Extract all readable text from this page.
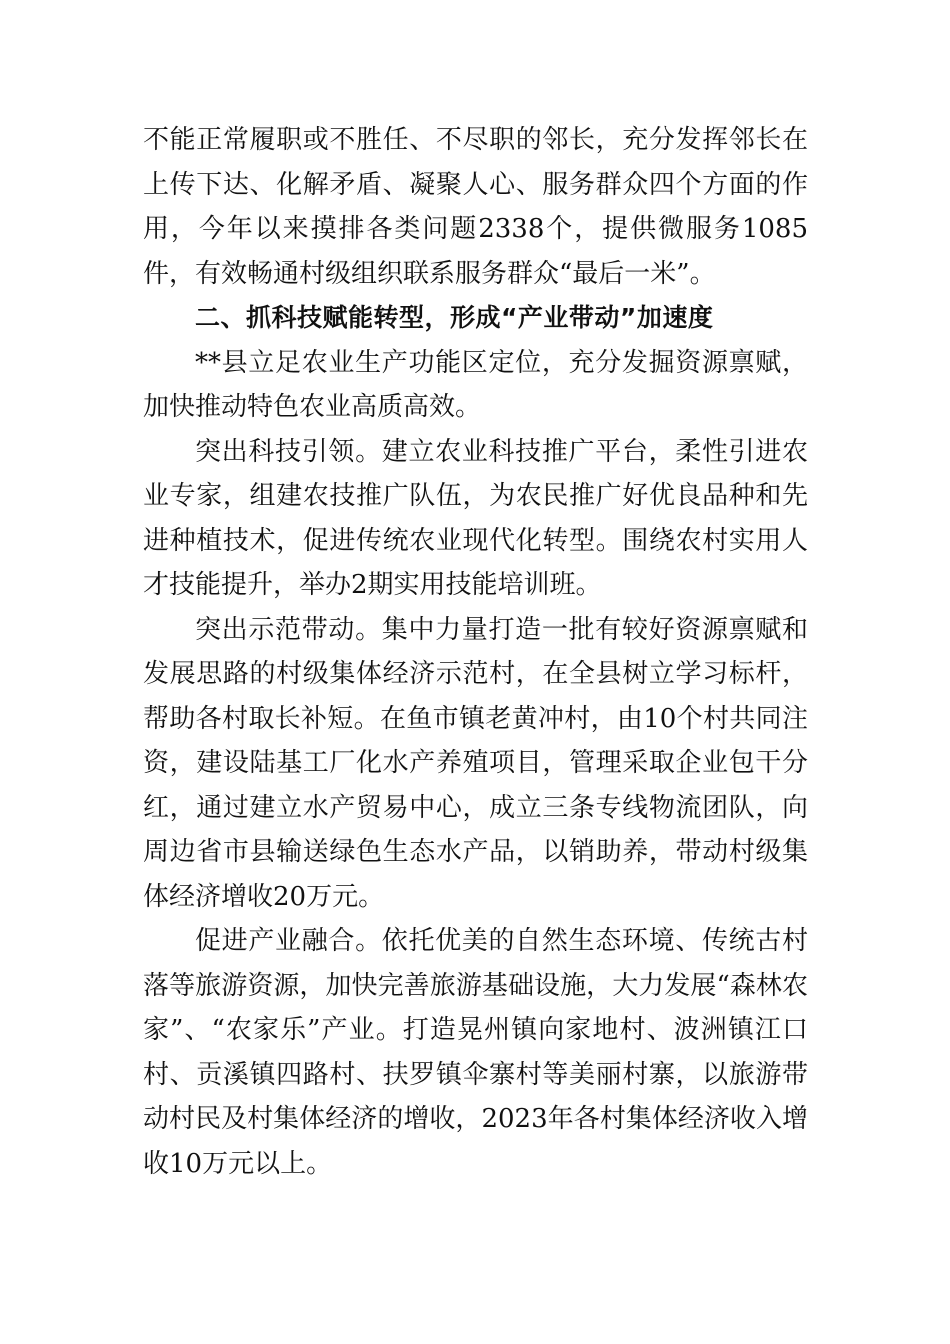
不能正常履职或不胜任、不尽职的邻长，充分发挥邻长在上传下达、化解矛盾、凝聚人心、服务群众四个方面的作用，今年以来摸排各类问题2338个，提供微服务1085件，有效畅通村级组织联系服务群众“最后一米”。

二、抓科技赋能转型，形成“产业带动”加速度

**县立足农业生产功能区定位，充分发掘资源禀赋，加快推动特色农业高质高效。

突出科技引领。建立农业科技推广平台，柔性引进农业专家，组建农技推广队伍，为农民推广好优良品种和先进种植技术，促进传统农业现代化转型。围绕农村实用人才技能提升，举办2期实用技能培训班。

突出示范带动。集中力量打造一批有较好资源禀赋和发展思路的村级集体经济示范村，在全县树立学习标杆，帮助各村取长补短。在鱼市镇老黄冲村，由10个村共同注资，建设陆基工厂化水产养殖项目，管理采取企业包干分红，通过建立水产贸易中心，成立三条专线物流团队，向周边省市县输送绿色生态水产品，以销助养，带动村级集体经济增收20万元。

促进产业融合。依托优美的自然生态环境、传统古村落等旅游资源，加快完善旅游基础设施，大力发展“森林农家”、“农家乐”产业。打造晃州镇向家地村、波洲镇江口村、贡溪镇四路村、扶罗镇伞寨村等美丽村寨，以旅游带动村民及村集体经济的增收，2023年各村集体经济收入增收10万元以上。
